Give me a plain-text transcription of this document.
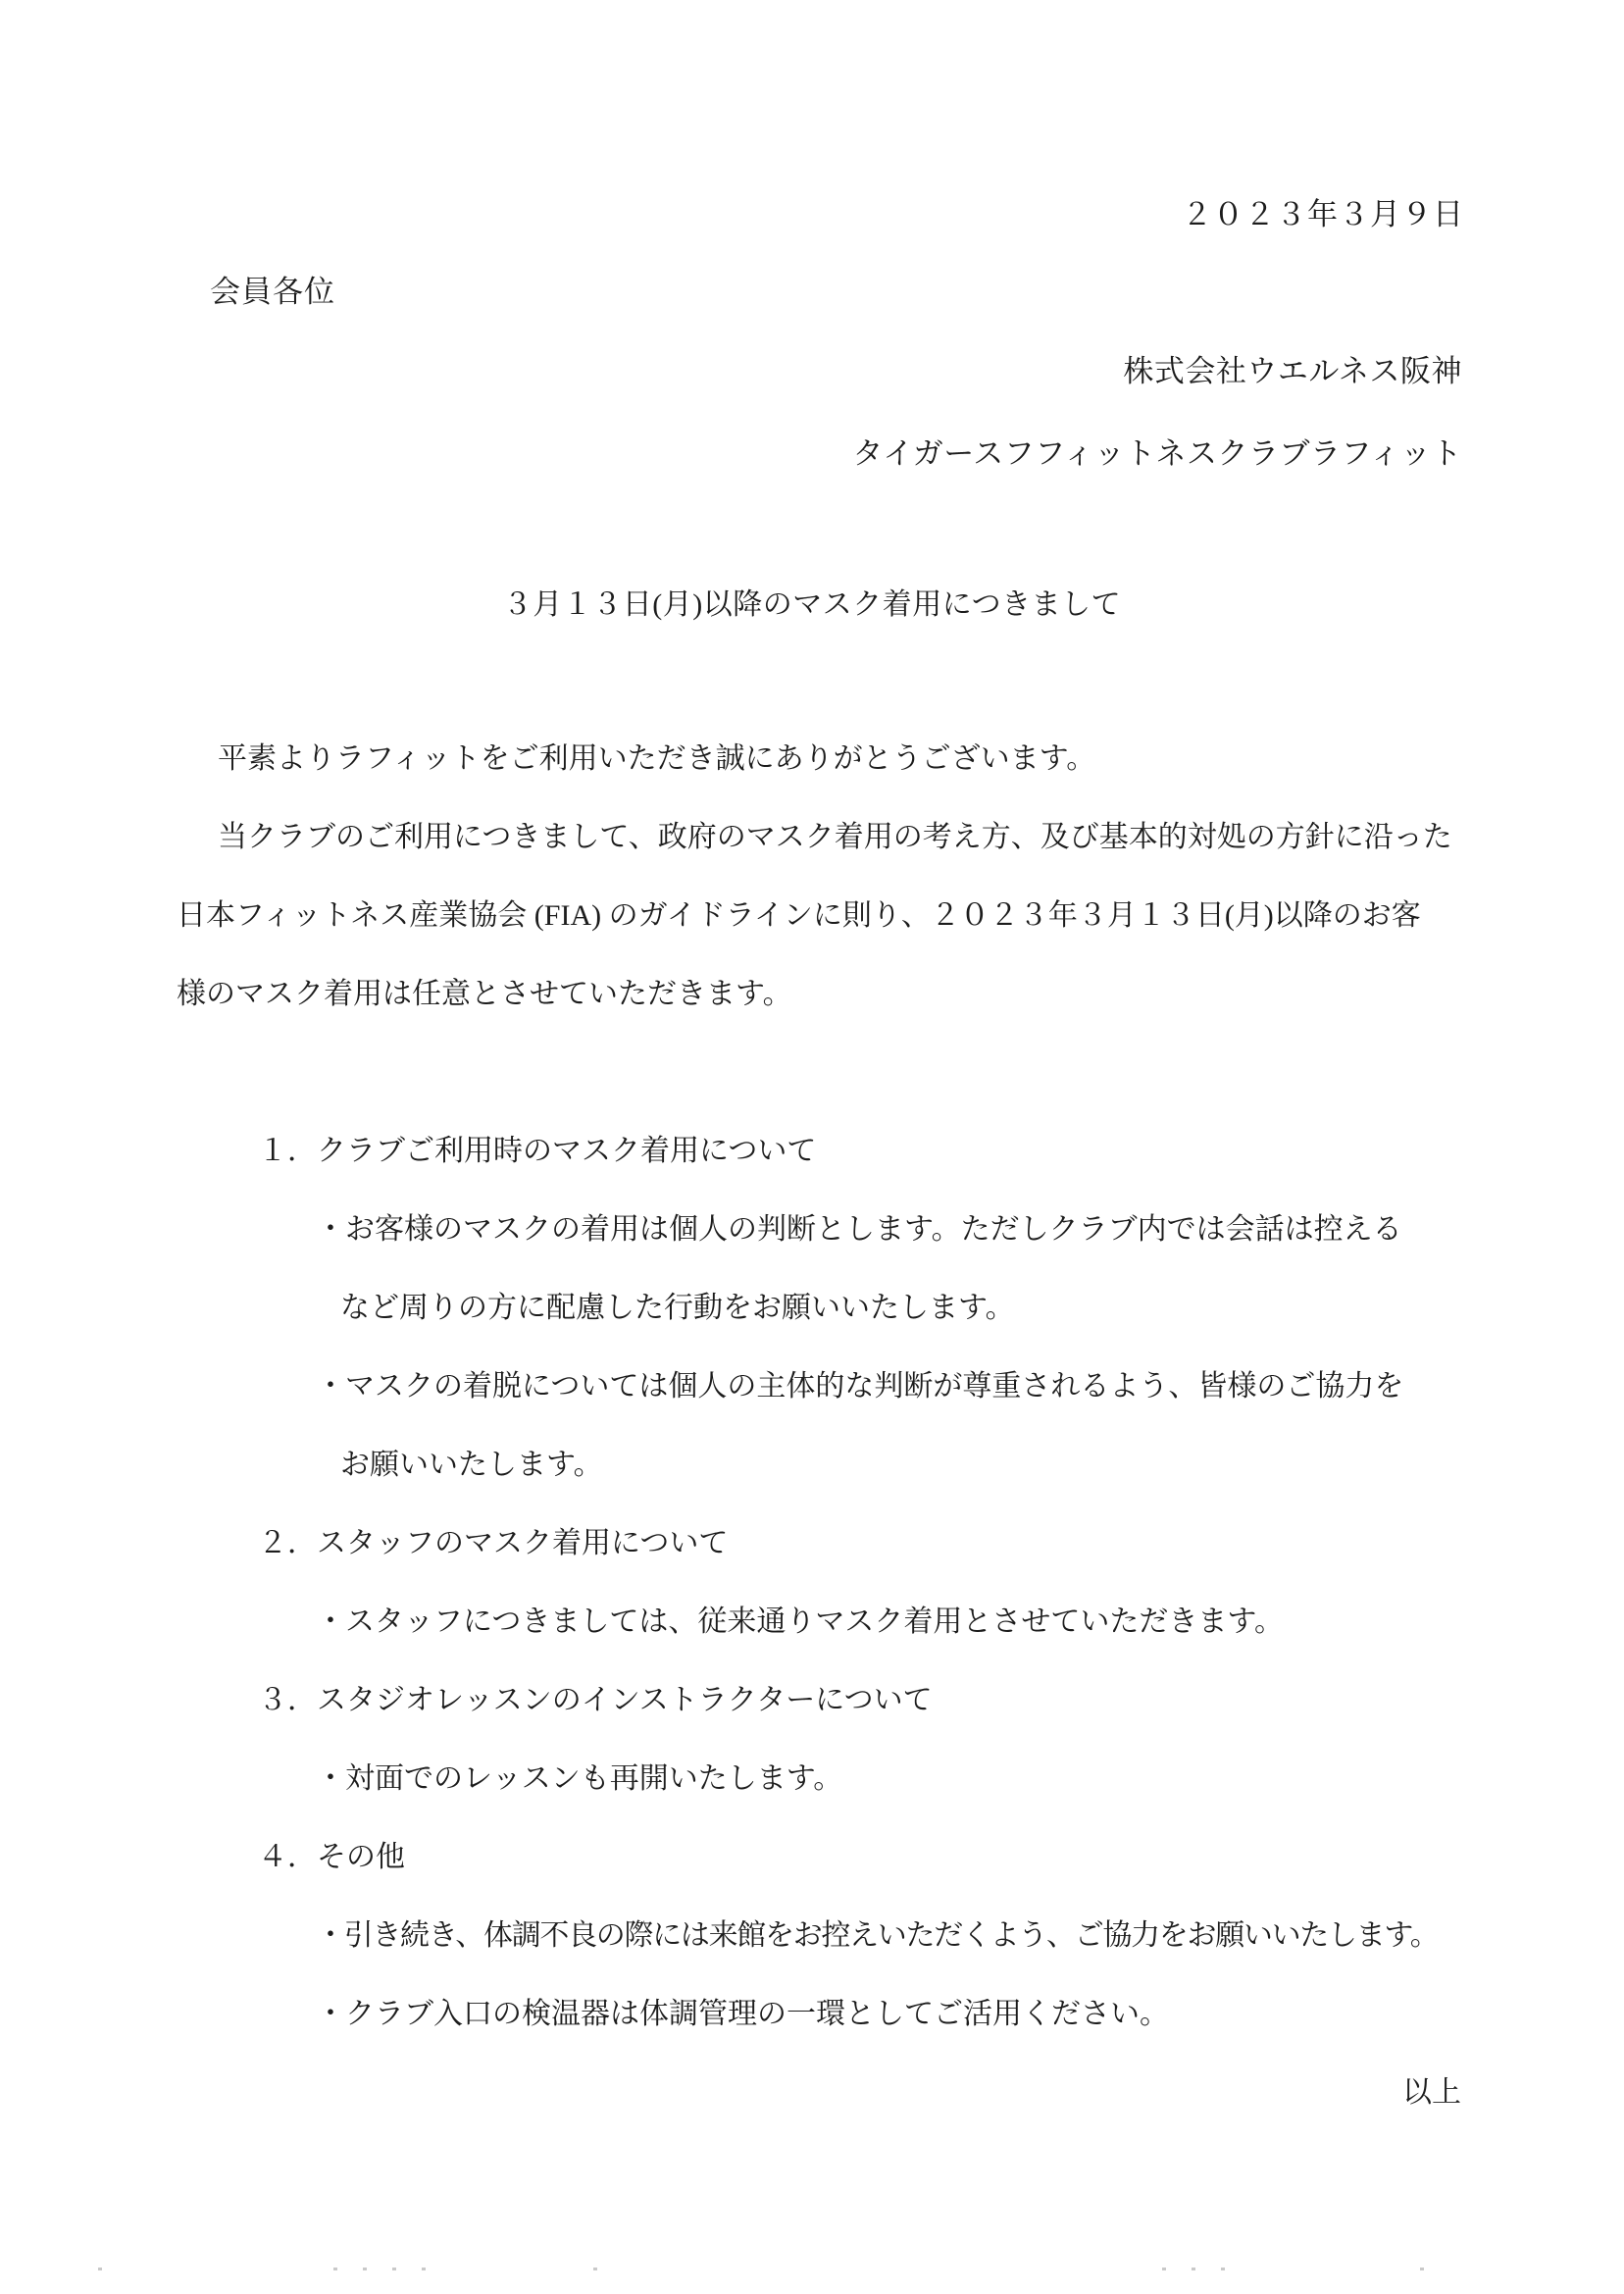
２０２３年３月９日
会員各位
株式会社ウエルネス阪神
タイガースフフィットネスクラブラフィット
３月１３日(月)以降のマスク着用につきまして
平素よりラフィットをご利用いただき誠にありがとうございます。
当クラブのご利用につきまして、政府のマスク着用の考え方、及び基本的対処の方針に沿った
日本フィットネス産業協会 (FIA) のガイドラインに則り、２０２３年３月１３日(月)以降のお客
様のマスク着用は任意とさせていただきます。
１．クラブご利用時のマスク着用について
・お客様のマスクの着用は個人の判断とします。ただしクラブ内では会話は控える
など周りの方に配慮した行動をお願いいたします。
・マスクの着脱については個人の主体的な判断が尊重されるよう、皆様のご協力を
お願いいたします。
２．スタッフのマスク着用について
・スタッフにつきましては、従来通りマスク着用とさせていただきます。
３．スタジオレッスンのインストラクターについて
・対面でのレッスンも再開いたします。
４．その他
・引き続き、体調不良の際には来館をお控えいただくよう、ご協力をお願いいたします。
・クラブ入口の検温器は体調管理の一環としてご活用ください。
以上
